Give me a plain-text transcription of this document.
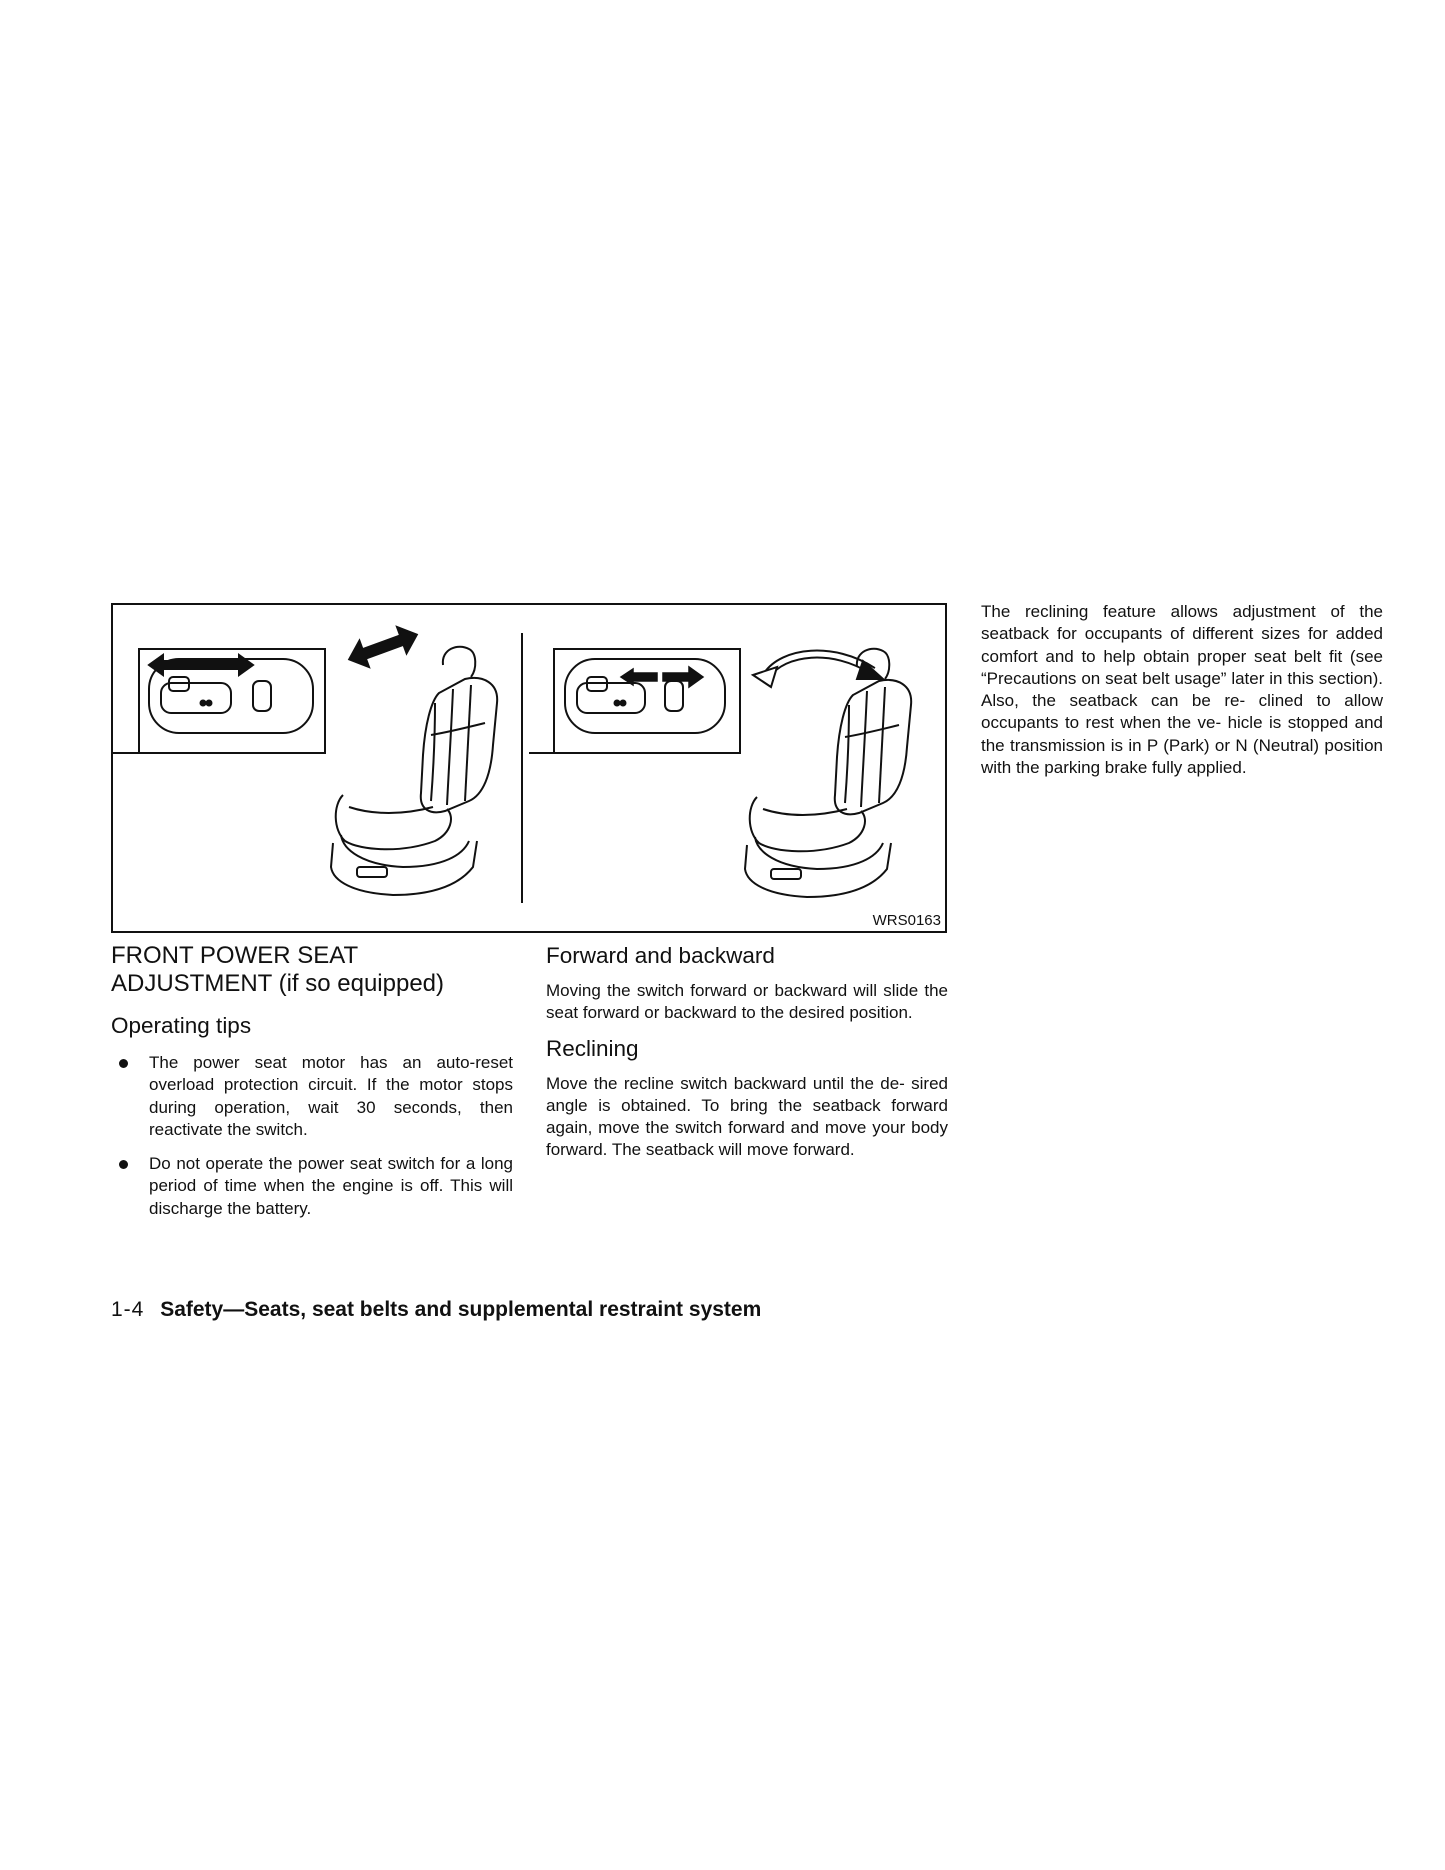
WRS0163
FRONT POWER SEAT
ADJUSTMENT (if so equipped)
Operating tips
The power seat motor has an auto-reset overload protection circuit. If the motor stops during operation, wait 30 seconds, then reactivate the switch.
Do not operate the power seat switch for a long period of time when the engine is off. This will discharge the battery.
Forward and backward

Moving the switch forward or backward will slide the seat forward or backward to the desired position.

Reclining

Move the recline switch backward until the de- sired angle is obtained. To bring the seatback forward again, move the switch forward and move your body forward. The seatback will move forward.

The reclining feature allows adjustment of the seatback for occupants of different sizes for added comfort and to help obtain proper seat belt fit (see “Precautions on seat belt usage” later in this section). Also, the seatback can be re- clined to allow occupants to rest when the ve- hicle is stopped and the transmission is in P (Park) or N (Neutral) position with the parking brake fully applied.

1-4 Safety—Seats, seat belts and supplemental restraint system
